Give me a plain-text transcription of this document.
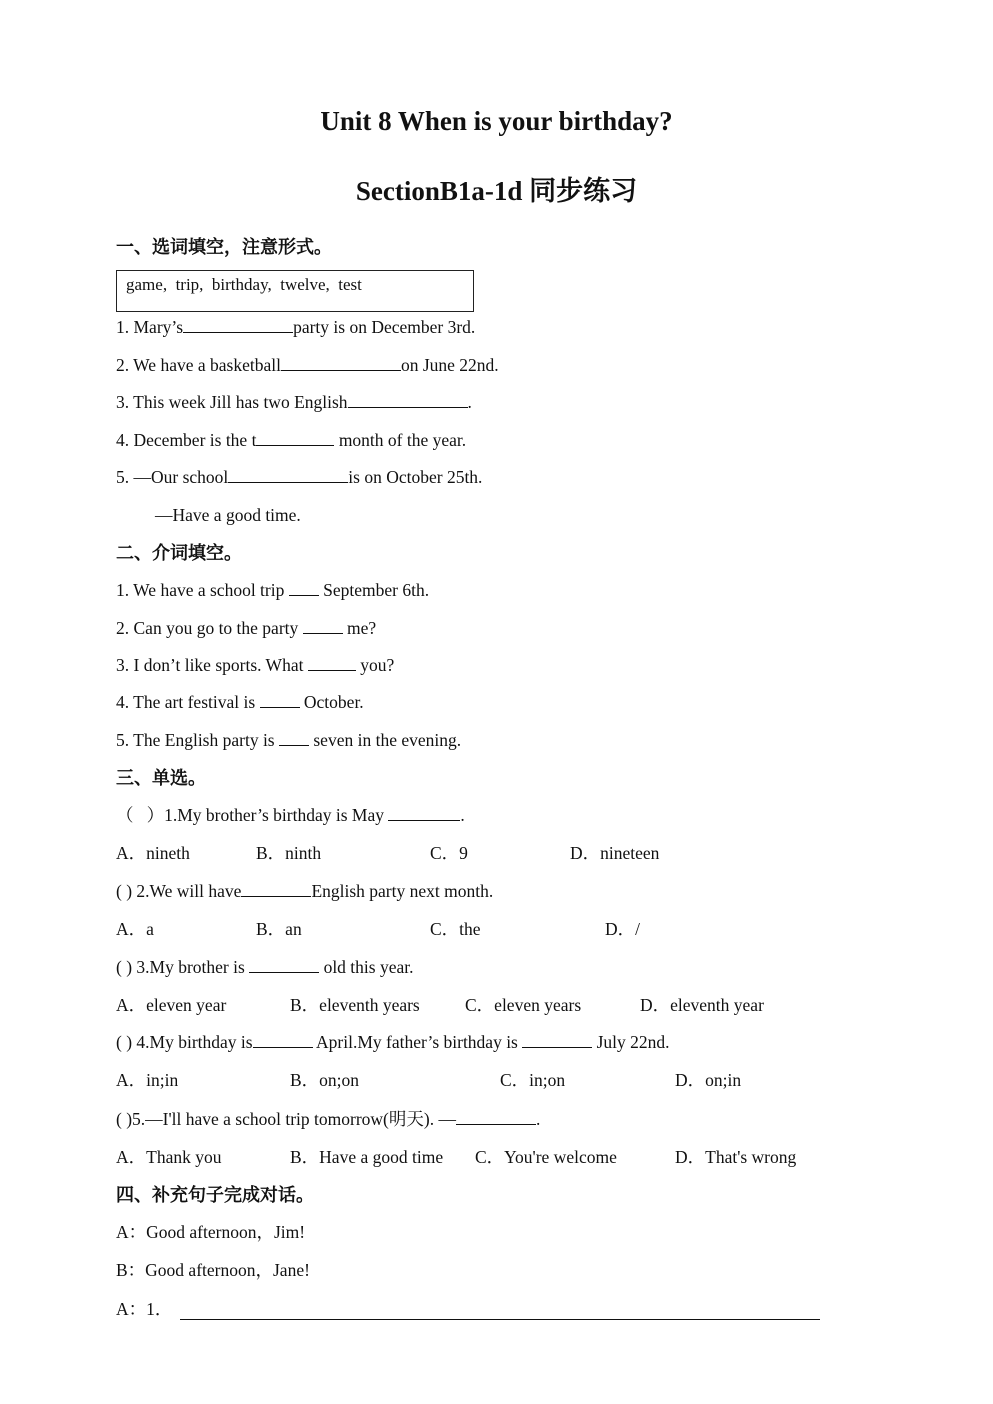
Unit 8 When is your birthday?
SectionB1a-1d 同步练习
一、选词填空，注意形式。
game,  trip,  birthday,  twelve,  test
1. Mary’s	party is on December 3rd.
2. We have a basketball	on June 22nd.
3. This week Jill has two English	.
4. December is the t	month of the year.
5. —Our school	is on October 25th.
—Have a good time.
二、介词填空。
1. We have a school trip  September 6th.
2. Can you go to the party  me?
3. I don’t like sports. What	you?
4. The art festival is  October.
5. The English party is  seven in the evening.
三、单选。
（   ）1.My brother’s birthday is May	.
A．nineth	B．ninth	C．9	D．nineteen
( ) 2.We will have	English party next month.
A．a	B．an	C．the	D．/
( ) 3.My brother is	old this year.
A．eleven year	B．eleventh years	C．eleven years	D．eleventh year
( ) 4.My birthday is	April.My father’s birthday is	July 22nd.
A．in;in	B．on;on	C．in;on	D．on;in
( )5.—I'll have a school trip tomorrow(明天). —	.
A．Thank you	B．Have a good time C．You're welcome	D．That's wrong
四、补充句子完成对话。
A：Good afternoon，Jim!
B：Good afternoon，Jane!
A：1．
